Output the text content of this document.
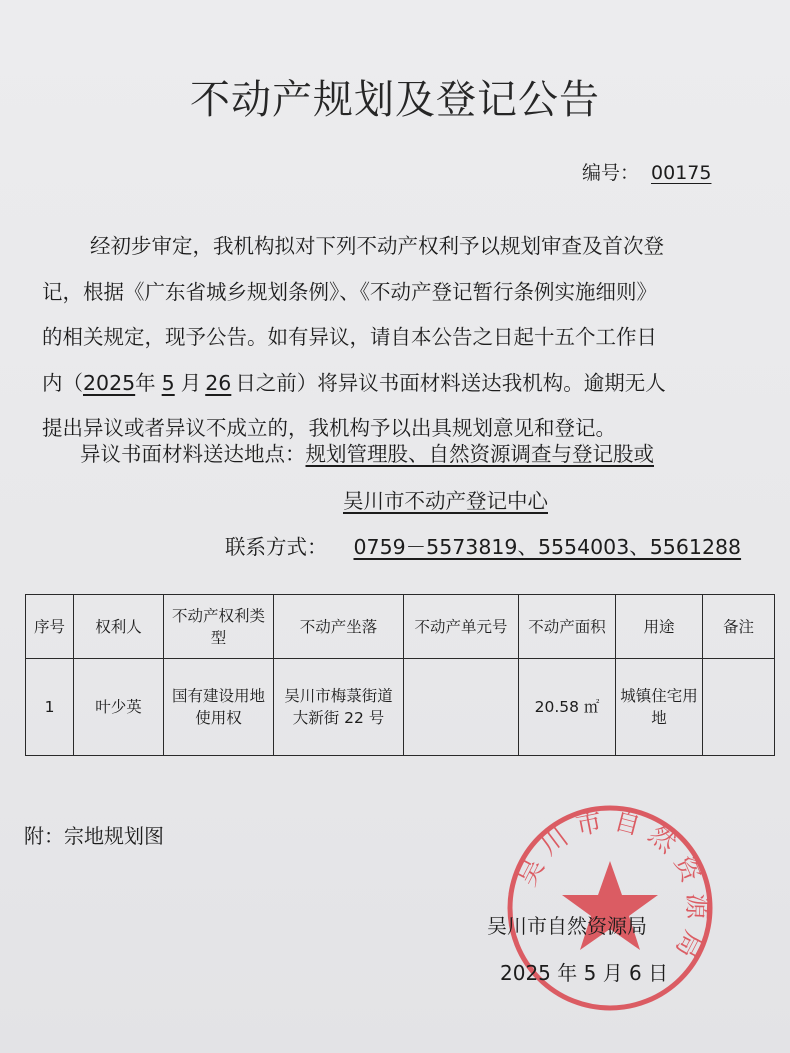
不动产规划及登记公告
编号： 00175
经初步审定，我机构拟对下列不动产权利予以规划审查及首次登
记，根据《广东省城乡规划条例》、《不动产登记暂行条例实施细则》
的相关规定，现予公告。如有异议，请自本公告之日起十五个工作日
内（2025年 5 月 26 日之前）将异议书面材料送达我机构。逾期无人
提出异议或者异议不成立的，我机构予以出具规划意见和登记。
异议书面材料送达地点：规划管理股、自然资源调查与登记股或
吴川市不动产登记中心
联系方式： 0759－5573819、5554003、5561288
序号	权利人	不动产权利类型	不动产坐落	不动产单元号	不动产面积	用途	备注
1	叶少英	国有建设用地使用权	吴川市梅菉街道大新街 22 号		20.58 ㎡	城镇住宅用地	
附：宗地规划图
吴川市自然资源局
吴川市自然资源局
2025 年 5 月 6 日
